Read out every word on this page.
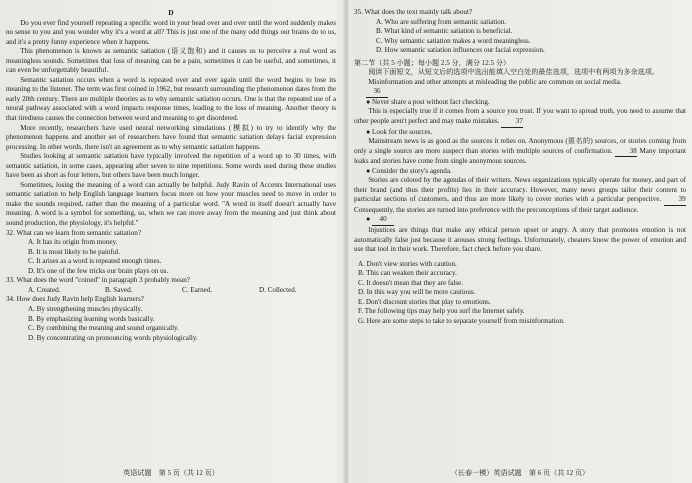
D

Do you ever find yourself repeating a specific word in your head over and over until the word suddenly makes no sense to you and you wonder why it's a word at all? This is just one of the many odd things our brains do to us, and it's a pretty funny experience when it happens.

This phenomenon is known as semantic satiation (语义饱和) and it causes us to perceive a real word as meaningless sounds. Sometimes that loss of meaning can be a pain, sometimes it can be useful, and sometimes, it can even be unforgettably beautiful.

Semantic satiation occurs when a word is repeated over and over again until the word begins to lose its meaning to the listener. The term was first coined in 1962, but research surrounding the phenomenon dates from the early 20th century. There are multiple theories as to why semantic satiation occurs. One is that the repeated use of a neural pathway associated with a word impacts response times, leading to the loss of meaning. Another theory is that tiredness causes the connection between word and meaning to get disordered.

More recently, researchers have used neural networking simulations (模拟) to try to identify why the phenomenon happens and another set of researchers have found that semantic satiation delays facial expression processing. In other words, there isn't an agreement as to why semantic satiation happens.

Studies looking at semantic satiation have typically involved the repetition of a word up to 30 times, with semantic satiation, in some cases, appearing after seven to nine repetitions. Some words used during these studies have been as short as four letters, but others have been much longer.

Sometimes, losing the meaning of a word can actually be helpful. Judy Ravin of Accents International uses semantic satiation to help English language learners focus more on how your muscles need to move in order to make the sounds required, rather than the meaning of a particular word. "A word in itself doesn't actually have meaning. A word is a symbol for something, so, when we can move away from the meaning and just think about sound production, the physiology, it's helpful."

32. What can we learn from semantic satiation?
A. It has its origin from money.
B. It is most likely to be painful.
C. It arises as a word is repeated enough times.
D. It's one of the few tricks our brain plays on us.
33. What does the word "coined" in paragraph 3 probably mean?
A. Created.	B. Saved.	C. Earned.	D. Collected.
34. How does Judy Ravin help English learners?
A. By strengthening muscles physically.
B. By emphasizing learning words basically.
C. By combining the meaning and sound organically.
D. By concentrating on pronouncing words physiologically.
英语试题　第 5 页（共 12 页）
35. What does the text mainly talk about?
A. Who are suffering from semantic satiation.
B. What kind of semantic satiation is beneficial.
C. Why semantic satiation makes a word meaningless.
D. How semantic satiation influences our facial expression.
第二节（共 5 小题；每小题 2.5 分，满分 12.5 分）

阅读下面短文，从短文后的选项中选出能填入空白处的最佳选项，选项中有两项为多余选项。

Misinformation and other attempts at misleading the public are common on social media.

36
● Never share a post without fact checking.

This is especially true if it comes from a source you trust. If you want to spread truth, you need to assume that other people aren't perfect and may make mistakes. 37

● Look for the sources.

Mainstream news is as good as the sources it relies on. Anonymous (匿名的) sources, or stories coming from only a single source are more suspect than stories with multiple sources of confirmation. 38 Many important leaks and stories have come from single anonymous sources.

● Consider the story's agenda.

Stories are colored by the agendas of their writers. News organizations typically operate for money, and part of their brand (and thus their profits) lies in their accuracy. However, many news groups tailor their content to particular sections of customers, and thus are more likely to cover stories with a particular perspective. 39 Consequently, the stories are turned into preference with the preconceptions of their target audience.

● 40

Injustices are things that make any ethical person upset or angry. A story that promotes emotion is not automatically false just because it arouses strong feelings. Unfortunately, cheaters know the power of emotion and use that tool in their work. Therefore, fact check before you share.

A. Don't view stories with caution.
B. This can weaken their accuracy.
C. It doesn't mean that they are false.
D. In this way you will be more cautious.
E. Don't discount stories that play to emotions.
F. The following tips may help you surf the Internet safely.
G. Here are some steps to take to separate yourself from misinformation.
（长春一模）英语试题　第 6 页（共 12 页）
